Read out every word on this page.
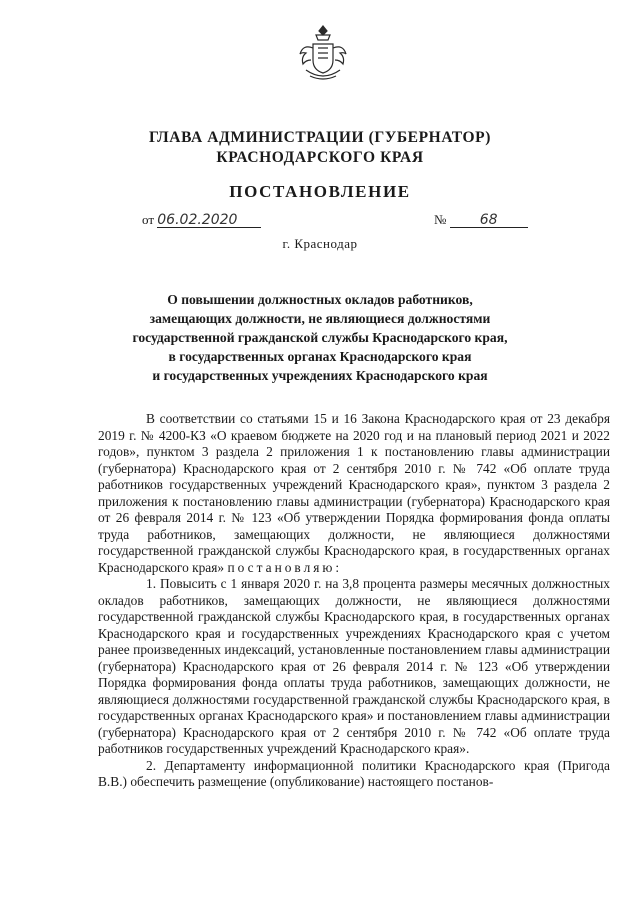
ГЛАВА АДМИНИСТРАЦИИ (ГУБЕРНАТОР)
КРАСНОДАРСКОГО КРАЯ
ПОСТАНОВЛЕНИЕ
от 06.02.2020	№ 68
г. Краснодар
О повышении должностных окладов работников,
замещающих должности, не являющиеся должностями
государственной гражданской службы Краснодарского края,
в государственных органах Краснодарского края
и государственных учреждениях Краснодарского края

В соответствии со статьями 15 и 16 Закона Краснодарского края от 23 декабря 2019 г. № 4200-КЗ «О краевом бюджете на 2020 год и на плановый период 2021 и 2022 годов», пунктом 3 раздела 2 приложения 1 к постановлению главы администрации (губернатора) Краснодарского края от 2 сентября 2010 г. № 742 «Об оплате труда работников государственных учреждений Краснодарского края», пунктом 3 раздела 2 приложения к постановлению главы администрации (губернатора) Краснодарского края от 26 февраля 2014 г. № 123 «Об утверждении Порядка формирования фонда оплаты труда работников, замещающих должности, не являющиеся должностями государственной гражданской службы Краснодарского края, в государственных органах Краснодарского края» постановляю:

1. Повысить с 1 января 2020 г. на 3,8 процента размеры месячных должностных окладов работников, замещающих должности, не являющиеся должностями государственной гражданской службы Краснодарского края, в государственных органах Краснодарского края и государственных учреждениях Краснодарского края с учетом ранее произведенных индексаций, установленные постановлением главы администрации (губернатора) Краснодарского края от 26 февраля 2014 г. № 123 «Об утверждении Порядка формирования фонда оплаты труда работников, замещающих должности, не являющиеся должностями государственной гражданской службы Краснодарского края, в государственных органах Краснодарского края» и постановлением главы администрации (губернатора) Краснодарского края от 2 сентября 2010 г. № 742 «Об оплате труда работников государственных учреждений Краснодарского края».

2. Департаменту информационной политики Краснодарского края (Пригода В.В.) обеспечить размещение (опубликование) настоящего постанов-
